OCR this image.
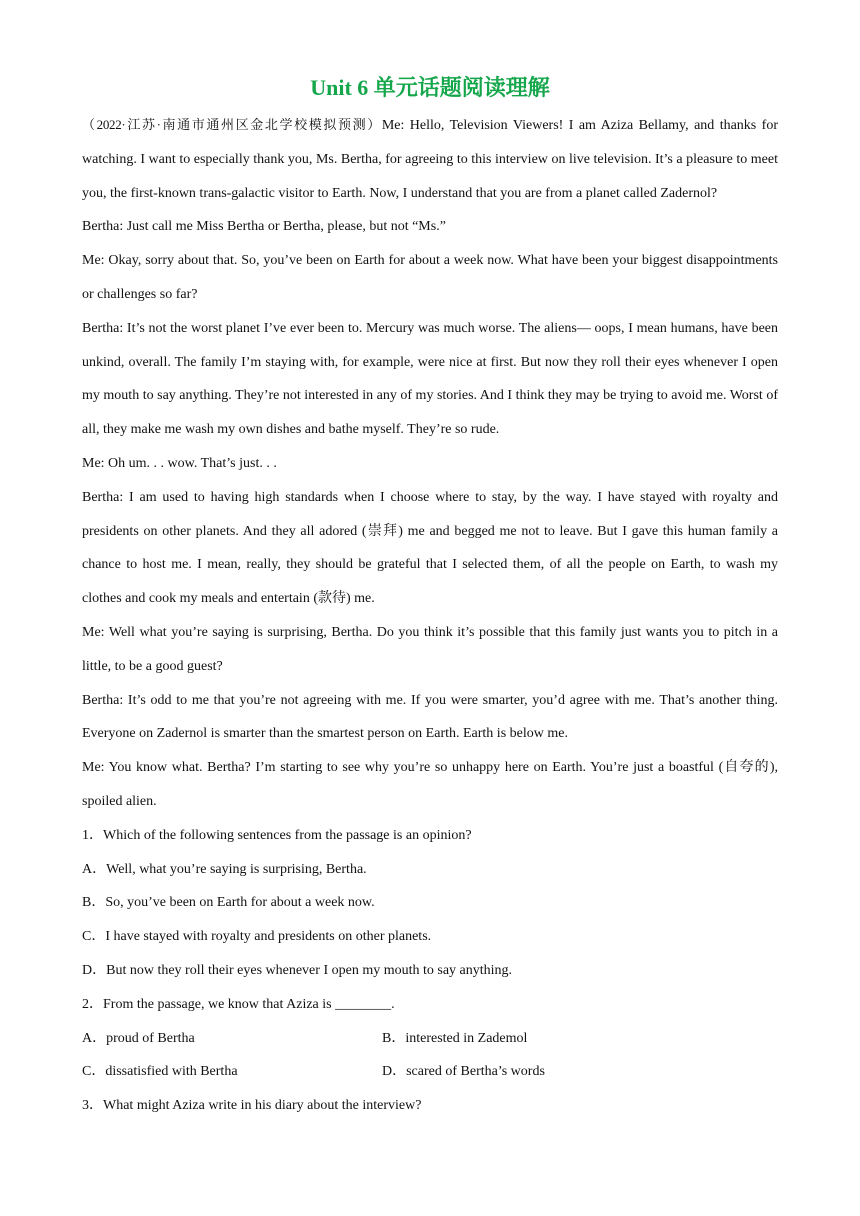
Unit 6 单元话题阅读理解

（2022·江苏·南通市通州区金北学校模拟预测）Me: Hello, Television Viewers! I am Aziza Bellamy, and thanks for watching. I want to especially thank you, Ms. Bertha, for agreeing to this interview on live television. It’s a pleasure to meet you, the first-known trans-galactic visitor to Earth. Now, I understand that you are from a planet called Zadernol?

Bertha: Just call me Miss Bertha or Bertha, please, but not “Ms.”

Me: Okay, sorry about that. So, you’ve been on Earth for about a week now. What have been your biggest disappointments or challenges so far?

Bertha: It’s not the worst planet I’ve ever been to. Mercury was much worse. The aliens— oops, I mean humans, have been unkind, overall. The family I’m staying with, for example, were nice at first. But now they roll their eyes whenever I open my mouth to say anything. They’re not interested in any of my stories. And I think they may be trying to avoid me. Worst of all, they make me wash my own dishes and bathe myself. They’re so rude.

Me: Oh um. . . wow. That’s just. . .

Bertha: I am used to having high standards when I choose where to stay, by the way. I have stayed with royalty and presidents on other planets. And they all adored (崇拜) me and begged me not to leave. But I gave this human family a chance to host me. I mean, really, they should be grateful that I selected them, of all the people on Earth, to wash my clothes and cook my meals and entertain (款待) me.

Me: Well what you’re saying is surprising, Bertha. Do you think it’s possible that this family just wants you to pitch in a little, to be a good guest?

Bertha: It’s odd to me that you’re not agreeing with me. If you were smarter, you’d agree with me. That’s another thing. Everyone on Zadernol is smarter than the smartest person on Earth. Earth is below me.

Me: You know what. Bertha? I’m starting to see why you’re so unhappy here on Earth. You’re just a boastful (自夸的), spoiled alien.

1．Which of the following sentences from the passage is an opinion?

A．Well, what you’re saying is surprising, Bertha.

B．So, you’ve been on Earth for about a week now.

C．I have stayed with royalty and presidents on other planets.

D．But now they roll their eyes whenever I open my mouth to say anything.

2．From the passage, we know that Aziza is ________.

A．proud of Bertha	B．interested in Zademol
C．dissatisfied with Bertha	D．scared of Bertha’s words

3．What might Aziza write in his diary about the interview?
